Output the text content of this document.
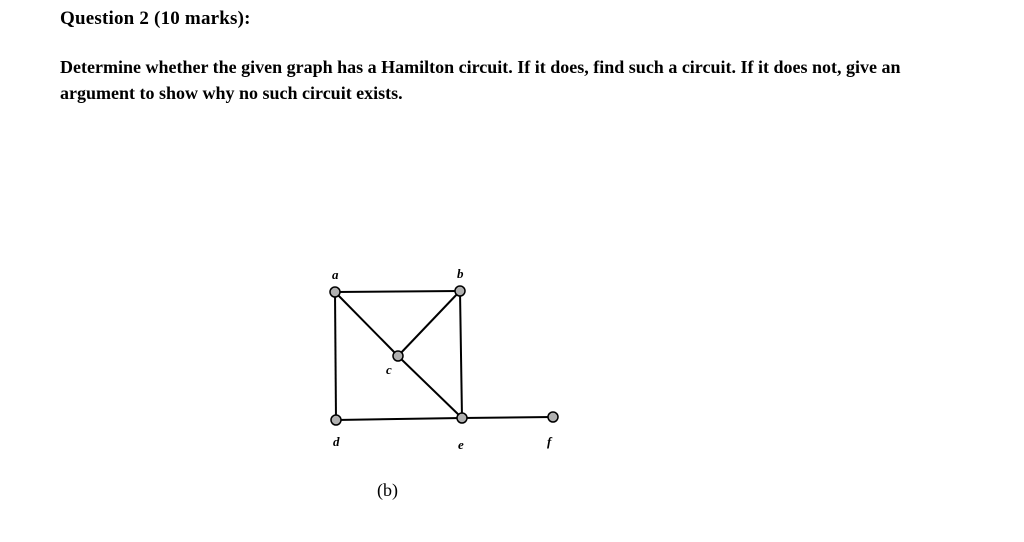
Question 2 (10 marks):
Determine whether the given graph has a Hamilton circuit. If it does, find such a circuit. If it does not, give an
argument to show why no such circuit exists.
a	b
c
d	e	f
(b)
